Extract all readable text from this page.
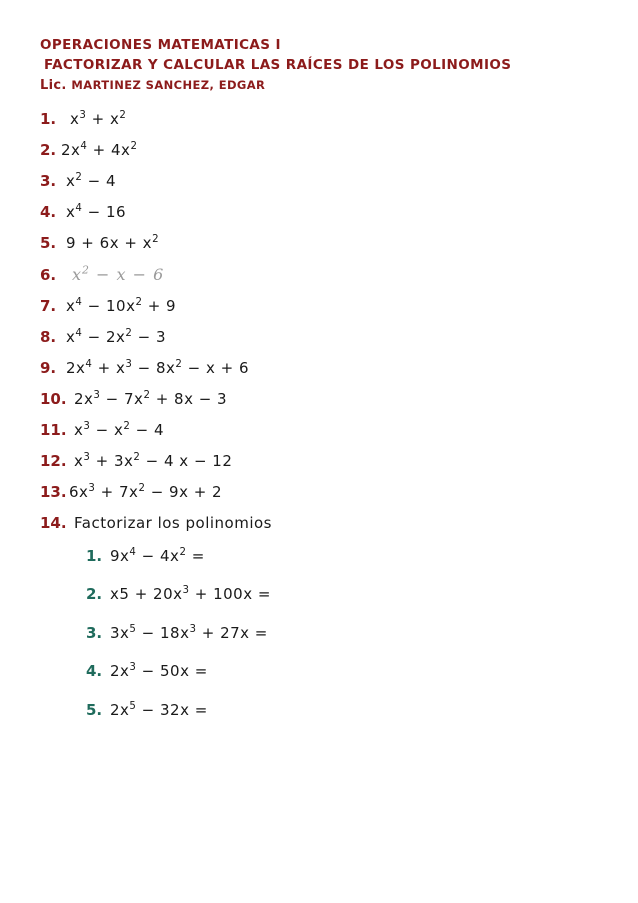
OPERACIONES MATEMATICAS I

FACTORIZAR Y CALCULAR LAS RAÍCES DE LOS POLINOMIOS

Lic. MARTINEZ SANCHEZ, EDGAR

1. $x^3 + x^2$
2. $2x^4 + 4x^2$
3. $x^2 - 4$
4. $x^4 - 16$
5. $9 + 6x + x^2$
6. $x^2 - x - 6$
7. $x^4 - 10x^2 + 9$
8. $x^4 - 2x^2 - 3$
9. $2x^4 + x^3 - 8x^2 - x + 6$
10. $2x^3 - 7x^2 + 8x - 3$
11. $x^3 - x^2 - 4$
12. $x^3 + 3x^2 - 4$ x − 12
13. $6x^3 + 7x^2 - 9x + 2$
14. Factorizar los polinomios
1. $9x^4 - 4x^2$ =
2. $x5 + 20x^3 + 100x$ =
3. $3x^5 - 18x^3 + 27x$ =
4. $2x^3 - 50x$ =
5. $2x^5 - 32x$ =
